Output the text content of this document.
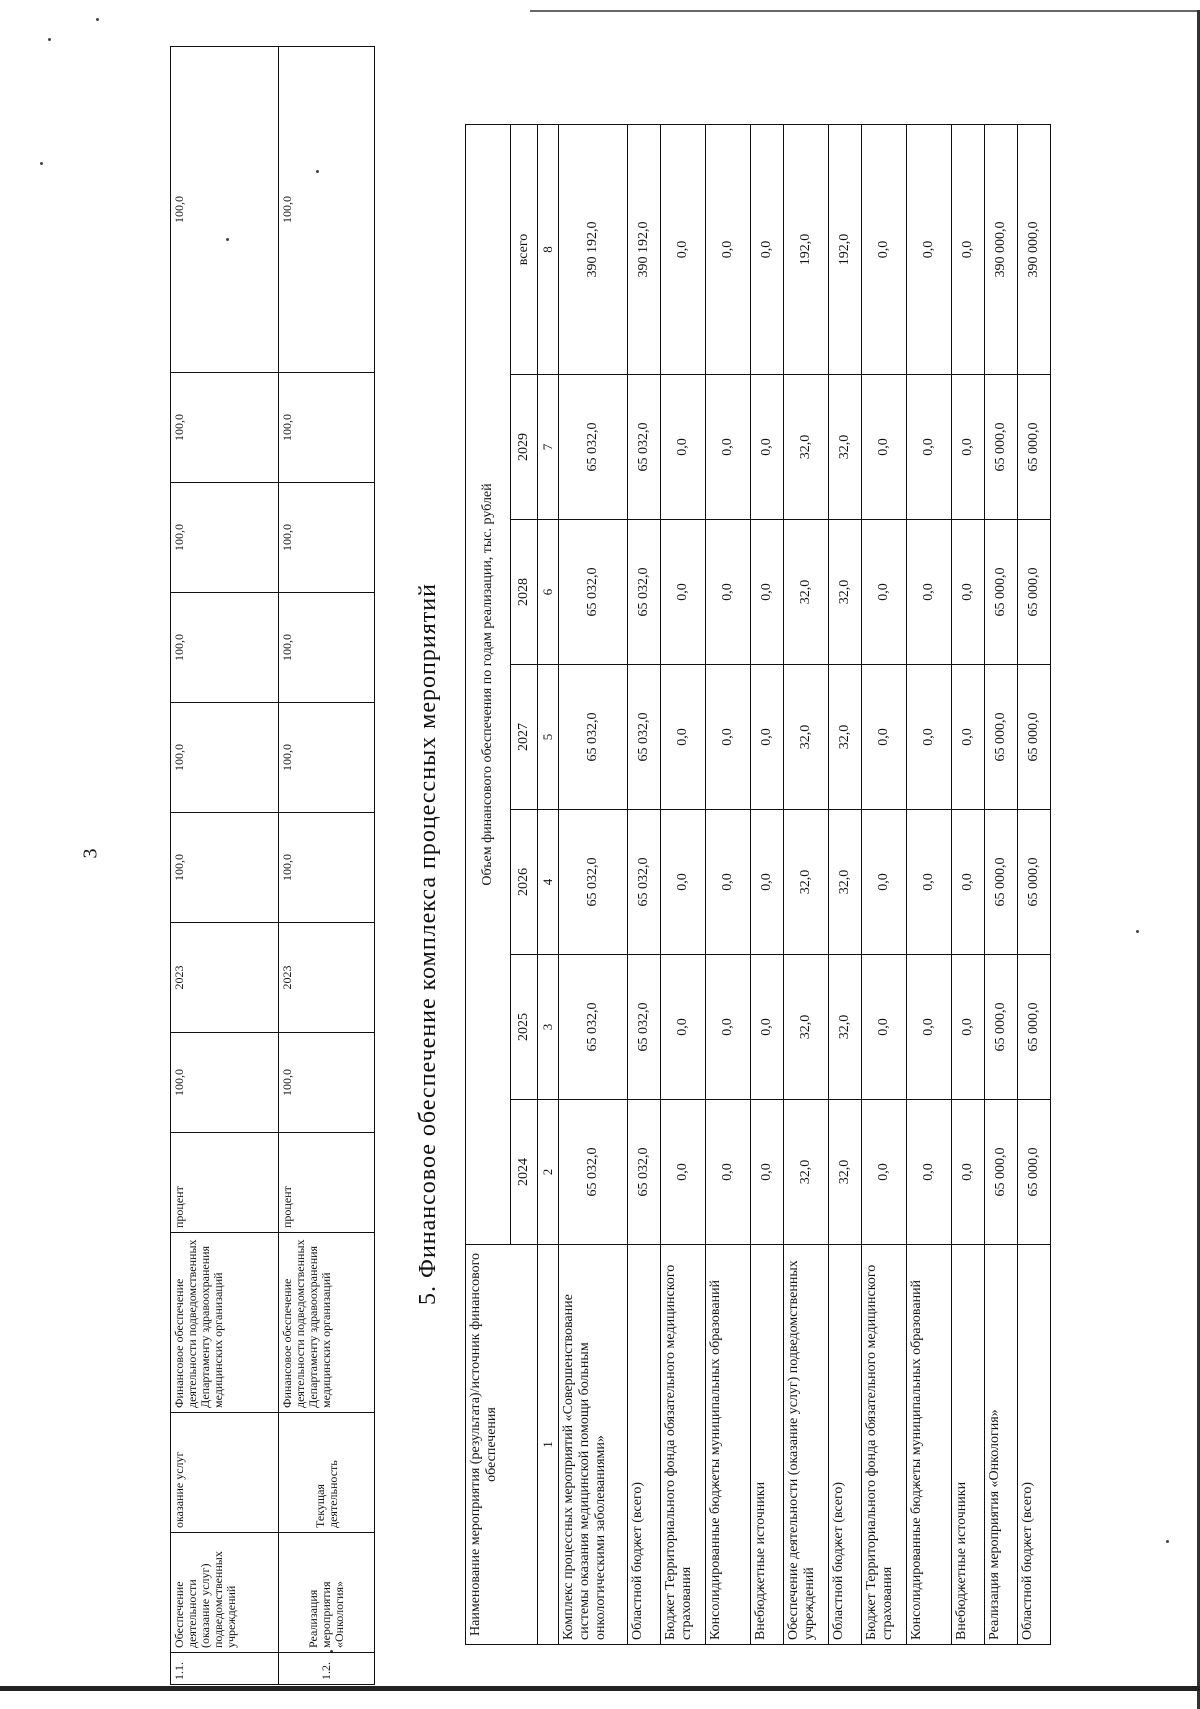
3
1.1.	Обеспечение деятельности (оказание услуг) подведомственных учреждений	оказание услуг	Финансовое обеспечение деятельности подведомственных Департаменту здравоохранения медицинских организаций	процент	100,0	2023	100,0	100,0	100,0	100,0	100,0	100,0
1.2.	Реализация мероприятия «Онкология»	Текущая деятельность	Финансовое обеспечение деятельности подведомственных Департаменту здравоохранения медицинских организаций	процент	100,0	2023	100,0	100,0	100,0	100,0	100,0	100,0
5. Финансовое обеспечение комплекса процессных мероприятий
Наименование мероприятия (результата)/источник финансового обеспечения	Объем финансового обеспечения по годам реализации, тыс. рублей						
	2024	2025	2026	2027	2028	2029	всего
1	2	3	4	5	6	7	8
Комплекс процессных мероприятий «Совершенствование системы оказания медицинской помощи больным онкологическими заболеваниями»	65 032,0	65 032,0	65 032,0	65 032,0	65 032,0	65 032,0	390 192,0
Областной бюджет (всего)	65 032,0	65 032,0	65 032,0	65 032,0	65 032,0	65 032,0	390 192,0
Бюджет Территориального фонда обязательного медицинского страхования	0,0	0,0	0,0	0,0	0,0	0,0	0,0
Консолидированные бюджеты муниципальных образований	0,0	0,0	0,0	0,0	0,0	0,0	0,0
Внебюджетные источники	0,0	0,0	0,0	0,0	0,0	0,0	0,0
Обеспечение деятельности (оказание услуг) подведомственных учреждений	32,0	32,0	32,0	32,0	32,0	32,0	192,0
Областной бюджет (всего)	32,0	32,0	32,0	32,0	32,0	32,0	192,0
Бюджет Территориального фонда обязательного медицинского страхования	0,0	0,0	0,0	0,0	0,0	0,0	0,0
Консолидированные бюджеты муниципальных образований	0,0	0,0	0,0	0,0	0,0	0,0	0,0
Внебюджетные источники	0,0	0,0	0,0	0,0	0,0	0,0	0,0
Реализация мероприятия «Онкология»	65 000,0	65 000,0	65 000,0	65 000,0	65 000,0	65 000,0	390 000,0
Областной бюджет (всего)	65 000,0	65 000,0	65 000,0	65 000,0	65 000,0	65 000,0	390 000,0
